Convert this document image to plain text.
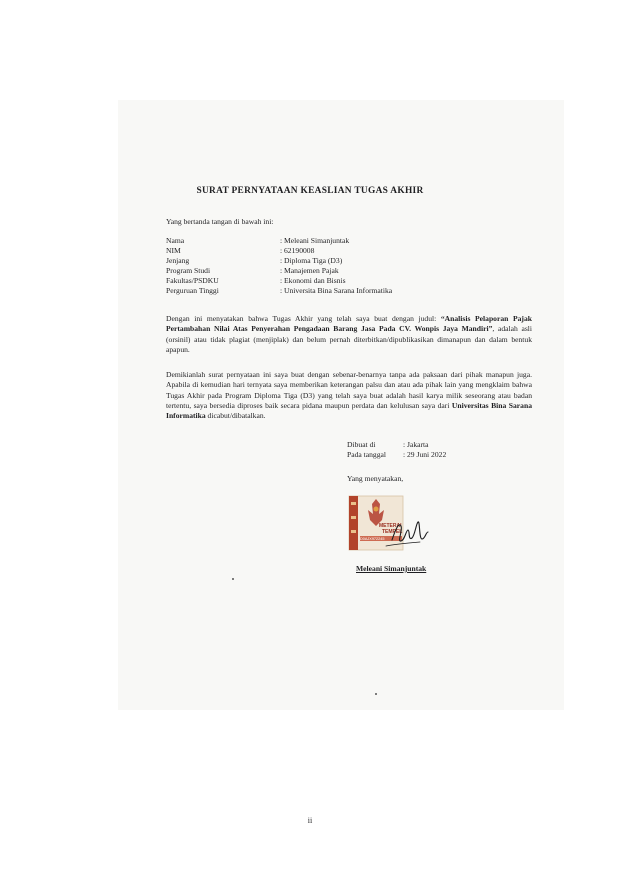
SURAT PERNYATAAN KEASLIAN TUGAS AKHIR
Yang bertanda tangan di bawah ini:
Nama	: Meleani Simanjuntak
NIM	: 62190008
Jenjang	: Diploma Tiga (D3)
Program Studi	: Manajemen Pajak
Fakultas/PSDKU	: Ekonomi dan Bisnis
Perguruan Tinggi	: Universita Bina Sarana Informatika
Dengan ini menyatakan bahwa Tugas Akhir yang telah saya buat dengan judul: “Analisis Pelaporan Pajak Pertambahan Nilai Atas Penyerahan Pengadaan Barang Jasa Pada CV. Wonpis Jaya Mandiri”, adalah asli (orsinil) atau tidak plagiat (menjiplak) dan belum pernah diterbitkan/dipublikasikan dimanapun dan dalam bentuk apapun.
Demikianlah surat pernyataan ini saya buat dengan sebenar-benarnya tanpa ada paksaan dari pihak manapun juga. Apabila di kemudian hari ternyata saya memberikan keterangan palsu dan atau ada pihak lain yang mengklaim bahwa Tugas Akhir pada Program Diploma Tiga (D3) yang telah saya buat adalah hasil karya milik seseorang atau badan tertentu, saya bersedia diproses baik secara pidana maupun perdata dan kelulusan saya dari Universitas Bina Sarana Informatika dicabut/dibatalkan.
Dibuat di	: Jakarta
Pada tanggal	: 29 Juni 2022
Yang menyatakan,
METERAI
TEMPEL
D0AJX972245
Meleani Simanjuntak
ii
